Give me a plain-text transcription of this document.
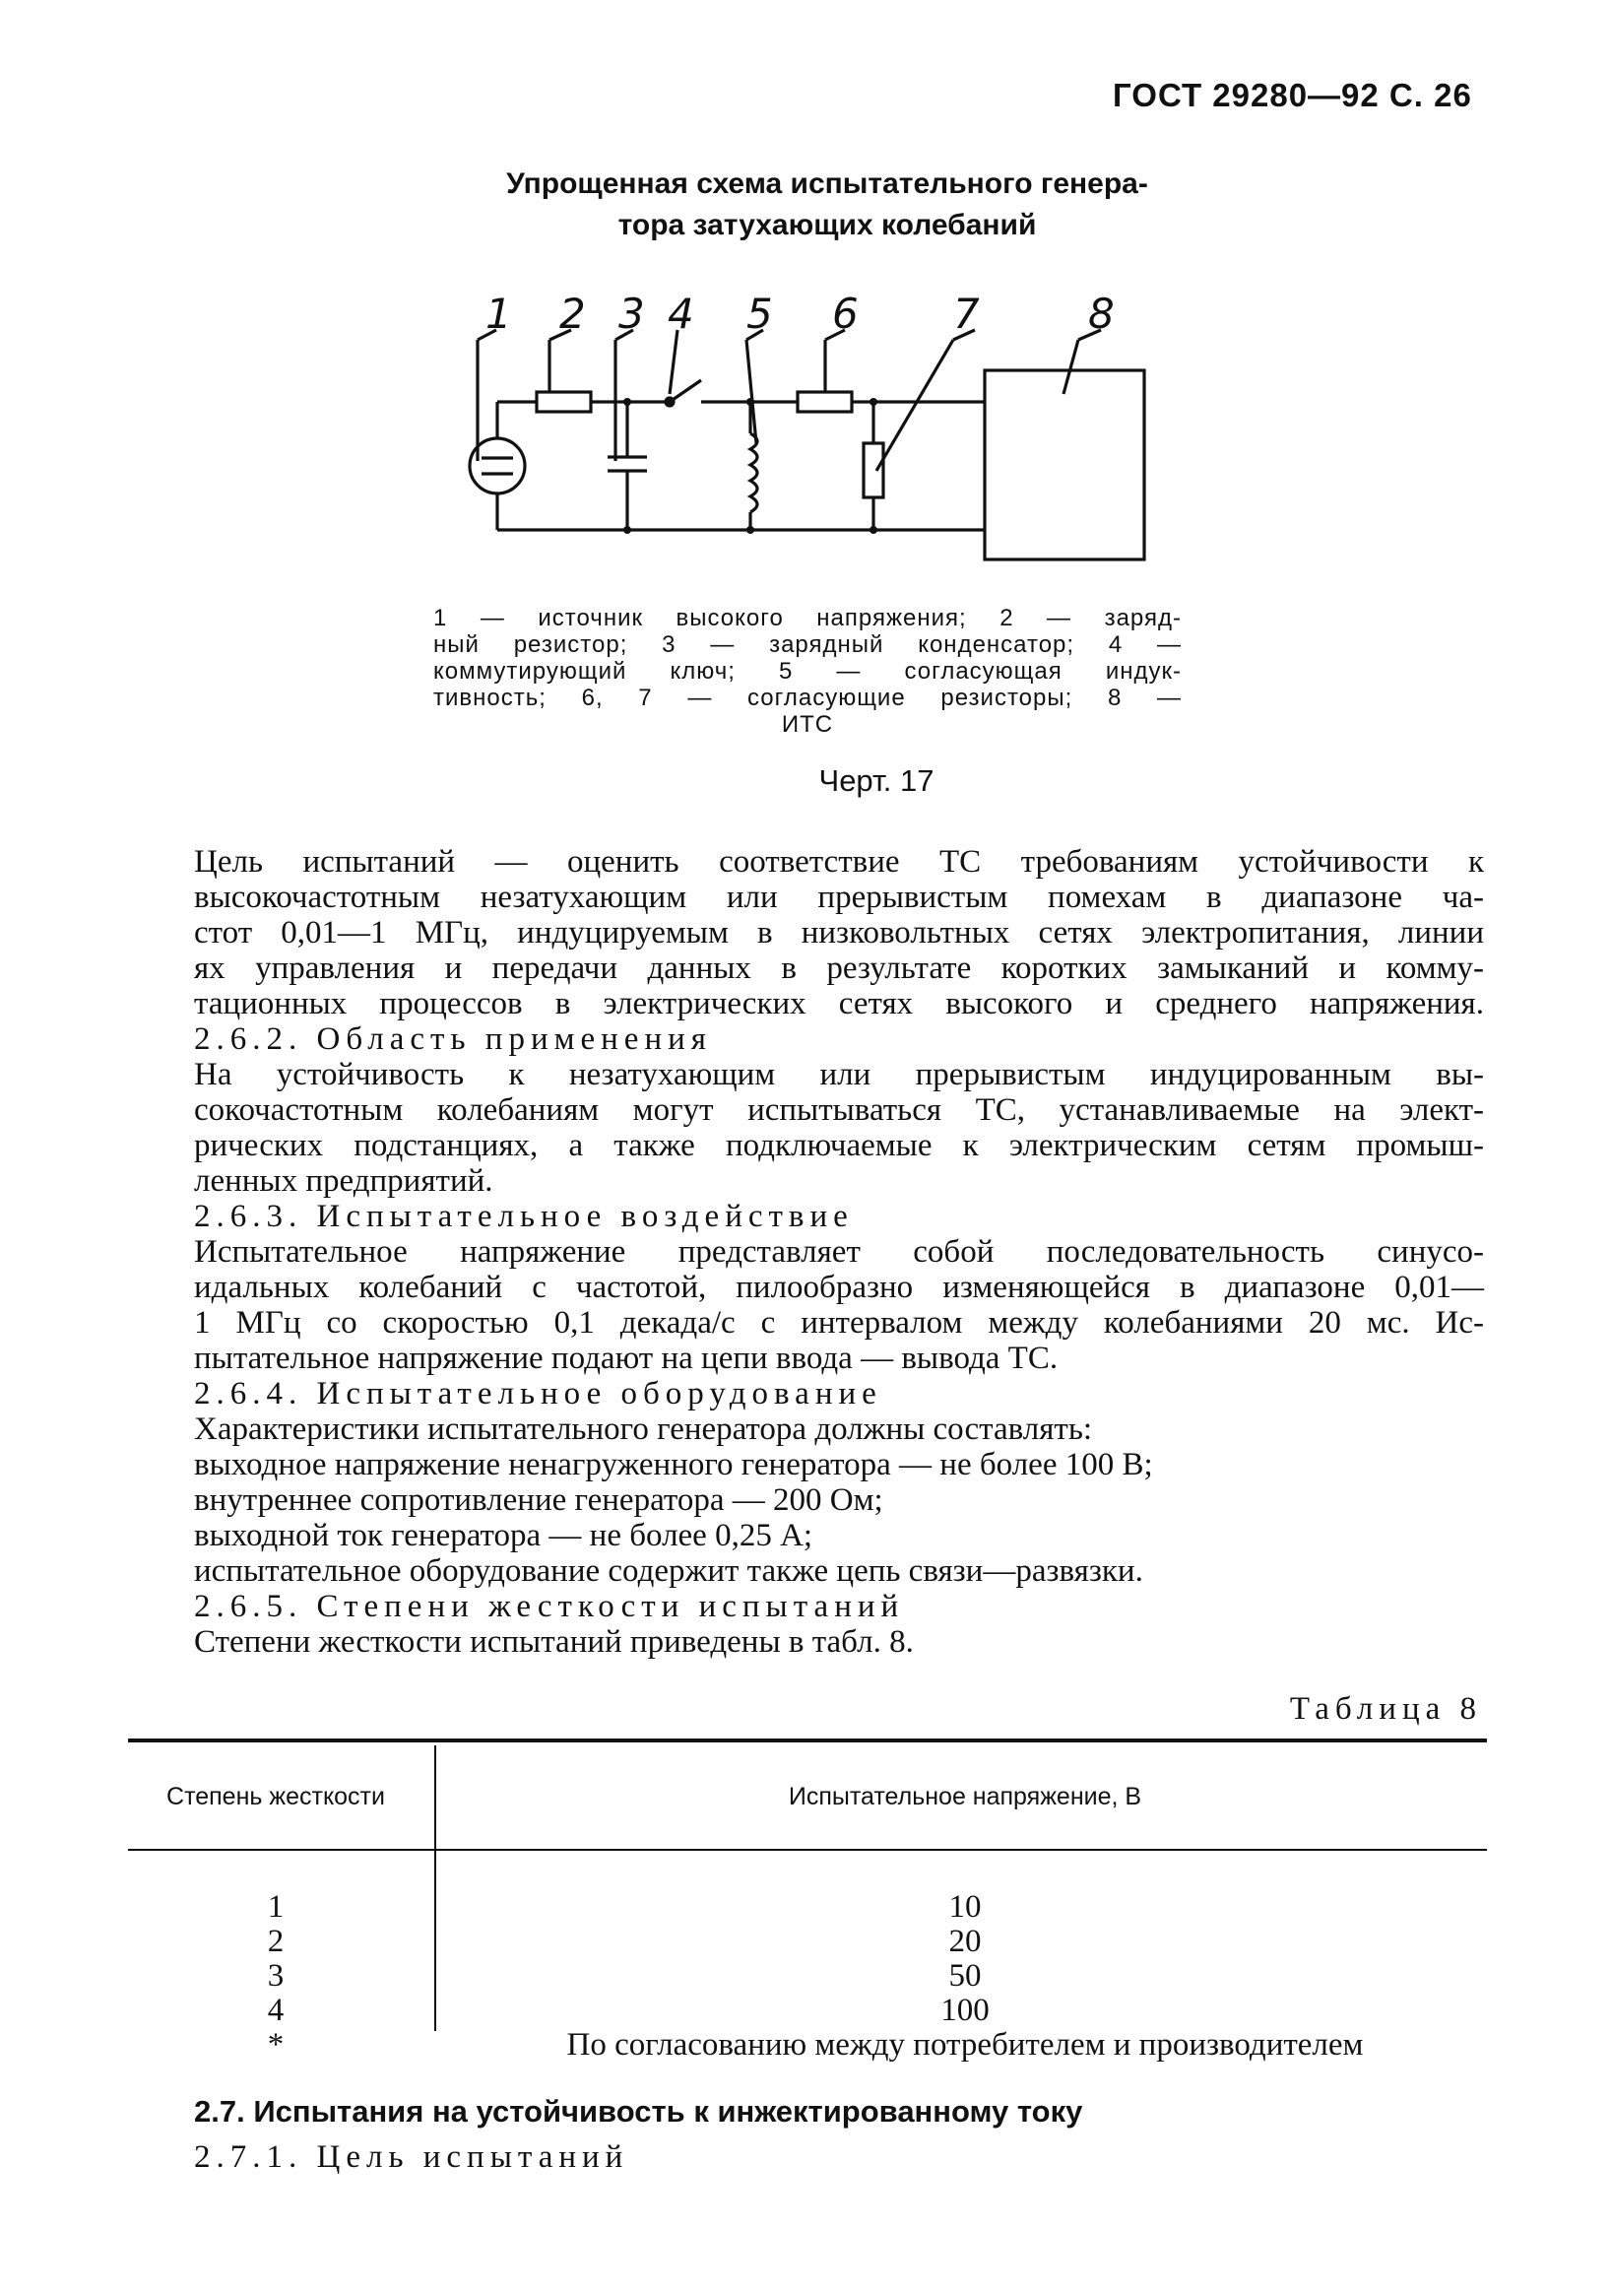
ГОСТ 29280—92 С. 26
Упрощенная схема испытательного генера-
тора затухающих колебаний
1 2 3 4 5 6 7	8
1 — источник высокого напряжения; 2 — заряд-
ный резистор; 3 — зарядный конденсатор; 4 —
коммутирующий ключ; 5 — согласующая индук-
тивность; 6, 7 — согласующие резисторы; 8 —
ИТС
Черт. 17
Цель испытаний — оценить соответствие ТС требованиям устойчивости к
высокочастотным незатухающим или прерывистым помехам в диапазоне ча-
стот 0,01—1 МГц, индуцируемым в низковольтных сетях электропитания, линии
ях управления и передачи данных в результате коротких замыканий и комму-
тационных процессов в электрических сетях высокого и среднего напряжения.
2.6.2. Область применения
На устойчивость к незатухающим или прерывистым индуцированным вы-
сокочастотным колебаниям могут испытываться ТС, устанавливаемые на элект-
рических подстанциях, а также подключаемые к электрическим сетям промыш-
ленных предприятий.
2.6.3. Испытательное воздействие
Испытательное напряжение представляет собой последовательность синусо-
идальных колебаний с частотой, пилообразно изменяющейся в диапазоне 0,01—
1 МГц со скоростью 0,1 декада/с с интервалом между колебаниями 20 мс. Ис-
пытательное напряжение подают на цепи ввода — вывода ТС.
2.6.4. Испытательное оборудование
Характеристики испытательного генератора должны составлять:
выходное напряжение ненагруженного генератора — не более 100 В;
внутреннее сопротивление генератора — 200 Ом;
выходной ток генератора — не более 0,25 А;
испытательное оборудование содержит также цепь связи—развязки.
2.6.5. Степени жесткости испытаний
Степени жесткости испытаний приведены в табл. 8.
Таблица 8
Степень жесткости	Испытательное напряжение, В
1	10
2	20
3	50
4	100
*	По согласованию между потребителем и производителем
2.7. Испытания на устойчивость к инжектированному току
2.7.1. Цель испытаний
